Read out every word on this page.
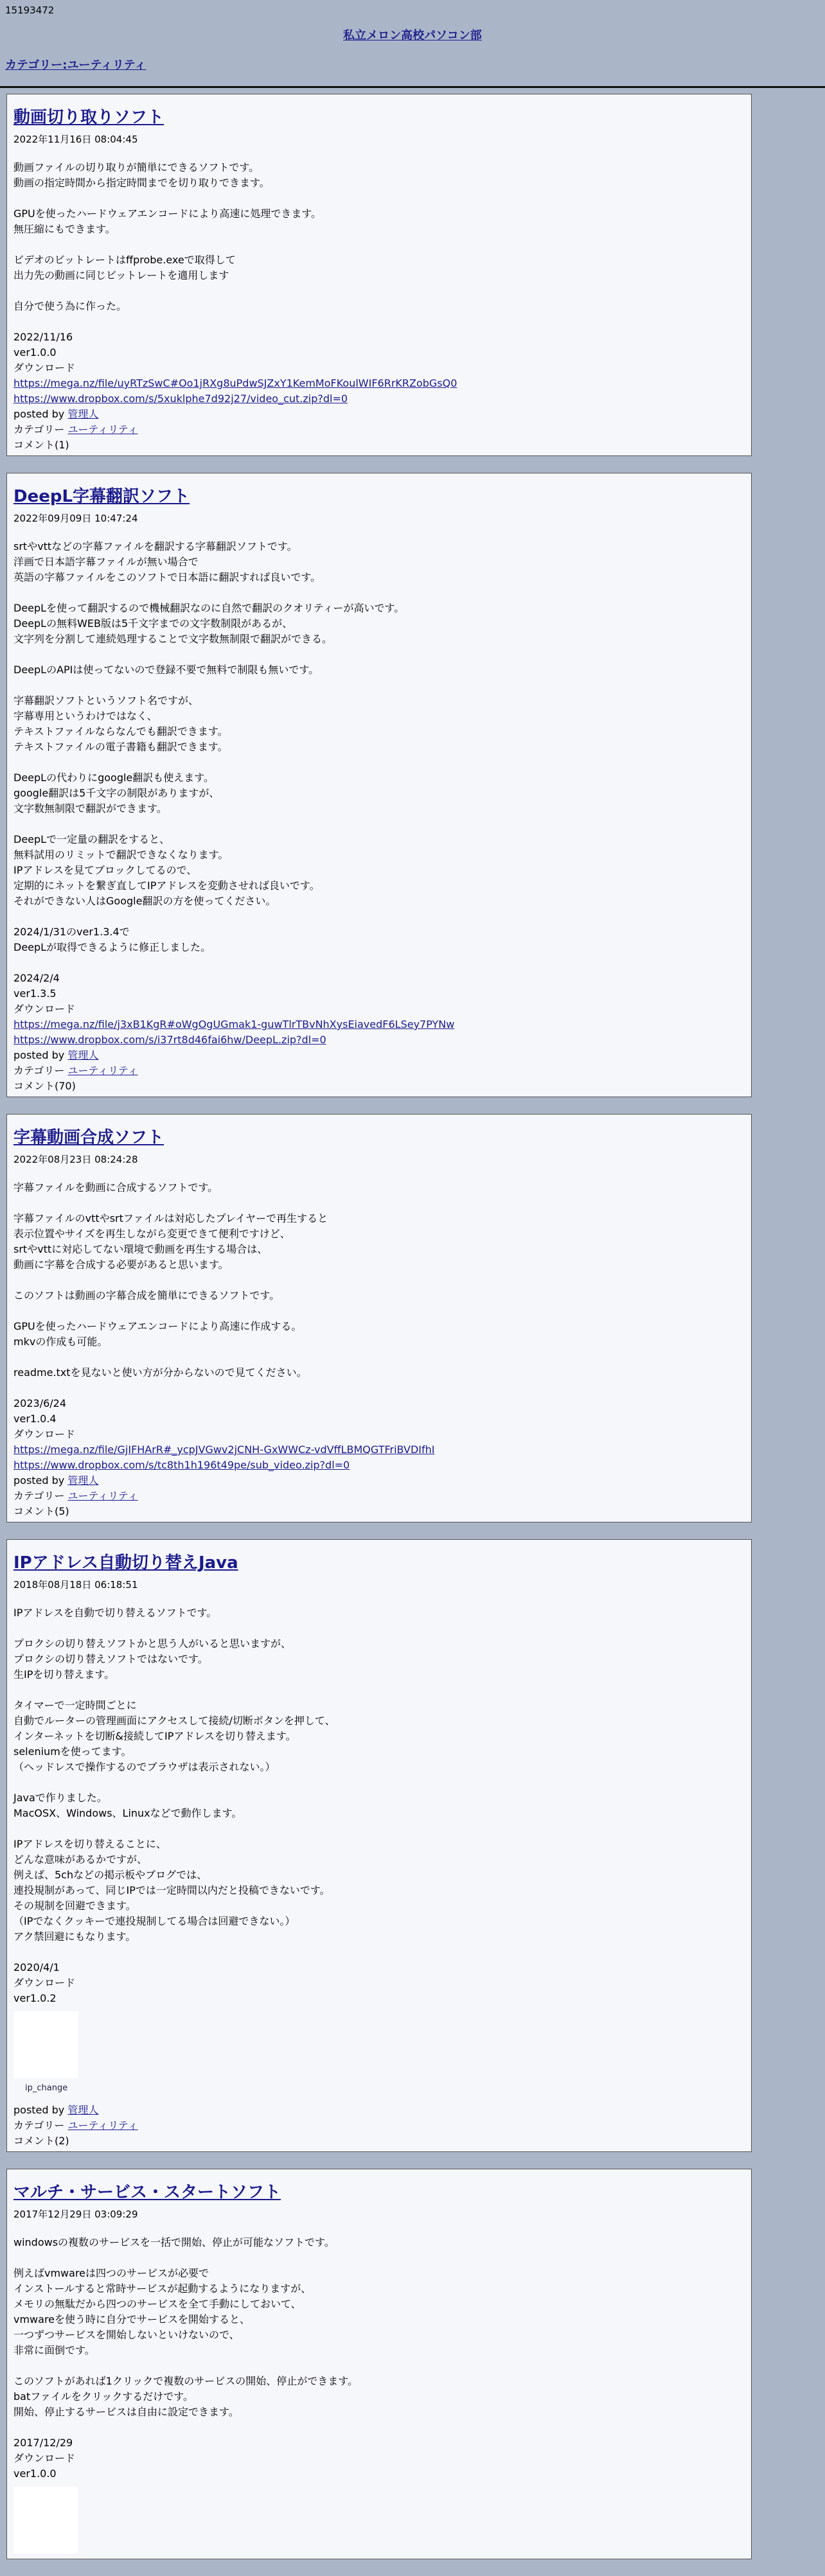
15193472
私立メロン高校パソコン部
カテゴリー:ユーティリティ
動画切り取りソフト
2022年11月16日 08:04:45

動画ファイルの切り取りが簡単にできるソフトです。
動画の指定時間から指定時間までを切り取りできます。

GPUを使ったハードウェアエンコードにより高速に処理できます。
無圧縮にもできます。

ビデオのビットレートはffprobe.exeで取得して
出力先の動画に同じビットレートを適用します

自分で使う為に作った。

2022/11/16
ver1.0.0

ダウンロード
https://mega.nz/file/uyRTzSwC#Oo1jRXg8uPdwSJZxY1KemMoFKoulWIF6RrKRZobGsQ0
https://www.dropbox.com/s/5xuklphe7d92j27/video_cut.zip?dl=0
posted by 管理人
カテゴリー ユーティリティ
コメント(1)
DeepL字幕翻訳ソフト
2022年09月09日 10:47:24

srtやvttなどの字幕ファイルを翻訳する字幕翻訳ソフトです。
洋画で日本語字幕ファイルが無い場合で
英語の字幕ファイルをこのソフトで日本語に翻訳すれば良いです。

DeepLを使って翻訳するので機械翻訳なのに自然で翻訳のクオリティーが高いです。
DeepLの無料WEB版は5千文字までの文字数制限があるが、
文字列を分割して連続処理することで文字数無制限で翻訳ができる。

DeepLのAPIは使ってないので登録不要で無料で制限も無いです。

字幕翻訳ソフトというソフト名ですが、
字幕専用というわけではなく、
テキストファイルならなんでも翻訳できます。
テキストファイルの電子書籍も翻訳できます。

DeepLの代わりにgoogle翻訳も使えます。
google翻訳は5千文字の制限がありますが、
文字数無制限で翻訳ができます。

DeepLで一定量の翻訳をすると、
無料試用のリミットで翻訳できなくなります。
IPアドレスを見てブロックしてるので、
定期的にネットを繋ぎ直してIPアドレスを変動させれば良いです。
それができない人はGoogle翻訳の方を使ってください。

2024/1/31のver1.3.4で
DeepLが取得できるように修正しました。

2024/2/4
ver1.3.5

ダウンロード
https://mega.nz/file/j3xB1KgR#oWgOgUGmak1-guwTlrTBvNhXysEiavedF6LSey7PYNw
https://www.dropbox.com/s/i37rt8d46fai6hw/DeepL.zip?dl=0
posted by 管理人
カテゴリー ユーティリティ
コメント(70)
字幕動画合成ソフト
2022年08月23日 08:24:28

字幕ファイルを動画に合成するソフトです。

字幕ファイルのvttやsrtファイルは対応したプレイヤーで再生すると
表示位置やサイズを再生しながら変更できて便利ですけど、
srtやvttに対応してない環境で動画を再生する場合は、
動画に字幕を合成する必要があると思います。

このソフトは動画の字幕合成を簡単にできるソフトです。

GPUを使ったハードウェアエンコードにより高速に作成する。
mkvの作成も可能。

readme.txtを見ないと使い方が分からないので見てください。

2023/6/24
ver1.0.4

ダウンロード
https://mega.nz/file/GjIFHArR#_ycpJVGwv2jCNH-GxWWCz-vdVffLBMQGTFriBVDIfhI
https://www.dropbox.com/s/tc8th1h196t49pe/sub_video.zip?dl=0
posted by 管理人
カテゴリー ユーティリティ
コメント(5)
IPアドレス自動切り替えJava
2018年08月18日 06:18:51

IPアドレスを自動で切り替えるソフトです。

プロクシの切り替えソフトかと思う人がいると思いますが、
プロクシの切り替えソフトではないです。
生IPを切り替えます。

タイマーで一定時間ごとに
自動でルーターの管理画面にアクセスして接続/切断ボタンを押して、
インターネットを切断&接続してIPアドレスを切り替えます。
seleniumを使ってます。
（ヘッドレスで操作するのでブラウザは表示されない。）

Javaで作りました。
MacOSX、Windows、Linuxなどで動作します。

IPアドレスを切り替えることに、
どんな意味があるかですが、
例えば、5chなどの掲示板やブログでは、
連投規制があって、同じIPでは一定時間以内だと投稿できないです。
その規制を回避できます。
（IPでなくクッキーで連投規制してる場合は回避できない。）
アク禁回避にもなります。

2020/4/1

ダウンロード
ver1.0.2
ip_change
posted by 管理人
カテゴリー ユーティリティ
コメント(2)
マルチ・サービス・スタートソフト
2017年12月29日 03:09:29

windowsの複数のサービスを一括で開始、停止が可能なソフトです。

例えばvmwareは四つのサービスが必要で
インストールすると常時サービスが起動するようになりますが、
メモリの無駄だから四つのサービスを全て手動にしておいて、
vmwareを使う時に自分でサービスを開始すると、
一つずつサービスを開始しないといけないので、
非常に面倒です。

このソフトがあれば1クリックで複数のサービスの開始、停止ができます。
batファイルをクリックするだけです。
開始、停止するサービスは自由に設定できます。

2017/12/29

ダウンロード
ver1.0.0
